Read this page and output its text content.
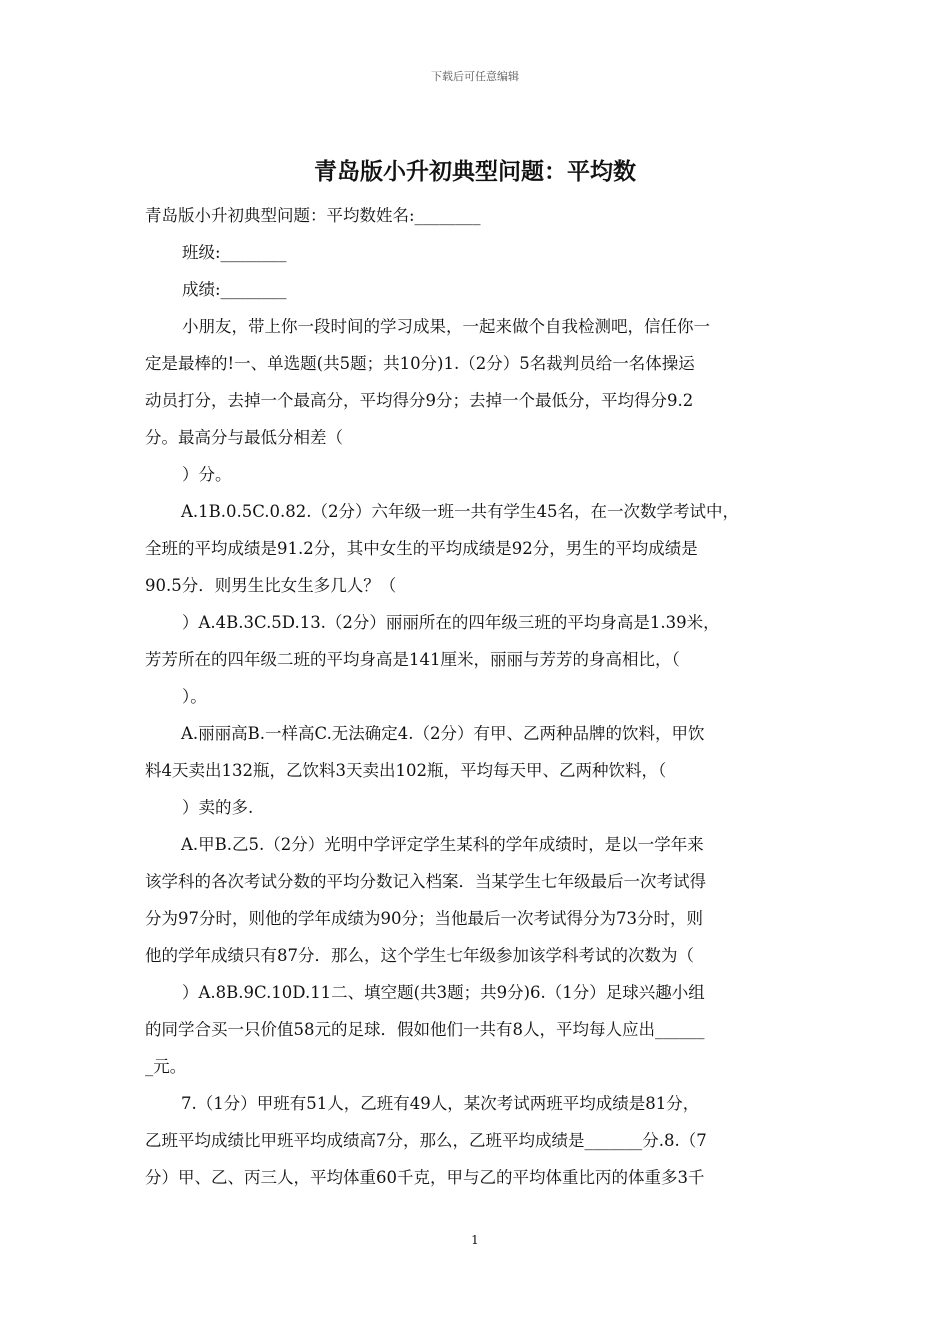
下载后可任意编辑
青岛版小升初典型问题：平均数
青岛版小升初典型问题：平均数姓名:________
班级:________
成绩:________
小朋友，带上你一段时间的学习成果，一起来做个自我检测吧，信任你一
定是最棒的!一、单选题(共5题；共10分)1.（2分）5名裁判员给一名体操运
动员打分，去掉一个最高分，平均得分9分；去掉一个最低分，平均得分9.2
分。最高分与最低分相差（
）分。
A.1B.0.5C.0.82.（2分）六年级一班一共有学生45名，在一次数学考试中，
全班的平均成绩是91.2分，其中女生的平均成绩是92分，男生的平均成绩是
90.5分．则男生比女生多几人？（
）A.4B.3C.5D.13.（2分）丽丽所在的四年级三班的平均身高是1.39米，
芳芳所在的四年级二班的平均身高是141厘米，丽丽与芳芳的身高相比，（
）。
A.丽丽高B.一样高C.无法确定4.（2分）有甲、乙两种品牌的饮料，甲饮
料4天卖出132瓶，乙饮料3天卖出102瓶，平均每天甲、乙两种饮料，（
）卖的多.
A.甲B.乙5.（2分）光明中学评定学生某科的学年成绩时，是以一学年来
该学科的各次考试分数的平均分数记入档案．当某学生七年级最后一次考试得
分为97分时，则他的学年成绩为90分；当他最后一次考试得分为73分时，则
他的学年成绩只有87分．那么，这个学生七年级参加该学科考试的次数为（
）A.8B.9C.10D.11二、填空题(共3题；共9分)6.（1分）足球兴趣小组
的同学合买一只价值58元的足球．假如他们一共有8人，平均每人应出______
_元。
7.（1分）甲班有51人，乙班有49人，某次考试两班平均成绩是81分，
乙班平均成绩比甲班平均成绩高7分，那么，乙班平均成绩是_______分.8.（7
分）甲、乙、丙三人，平均体重60千克，甲与乙的平均体重比丙的体重多3千
1
